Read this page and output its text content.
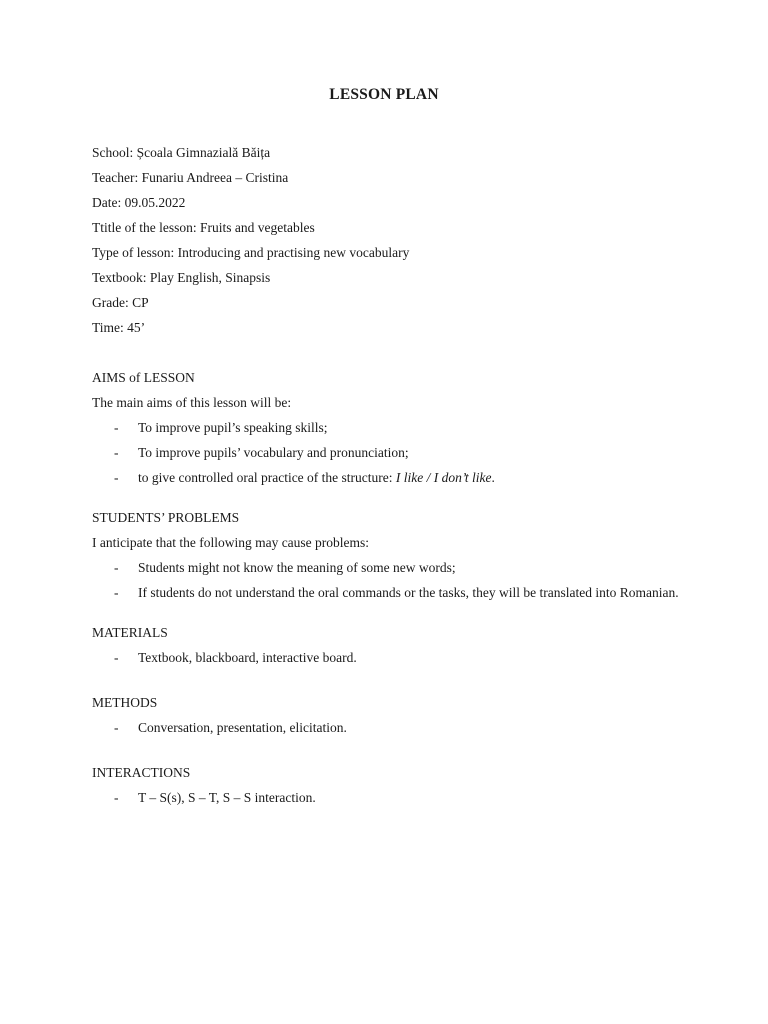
LESSON PLAN
School: Școala Gimnazială Băița
Teacher: Funariu Andreea – Cristina
Date: 09.05.2022
Ttitle of the lesson: Fruits and vegetables
Type of lesson: Introducing and practising new vocabulary
Textbook: Play English, Sinapsis
Grade: CP
Time: 45’
AIMS of LESSON
The main aims of this lesson will be:
- To improve pupil’s speaking skills;
- To improve pupils’ vocabulary and pronunciation;
- to give controlled oral practice of the structure: I like / I don’t like.
STUDENTS’ PROBLEMS
I anticipate that the following may cause problems:
- Students might not know the meaning of some new words;
- If students do not understand the oral commands or the tasks, they will be translated into Romanian.
MATERIALS
- Textbook, blackboard, interactive board.
METHODS
- Conversation, presentation, elicitation.
INTERACTIONS
- T – S(s), S – T, S – S interaction.
